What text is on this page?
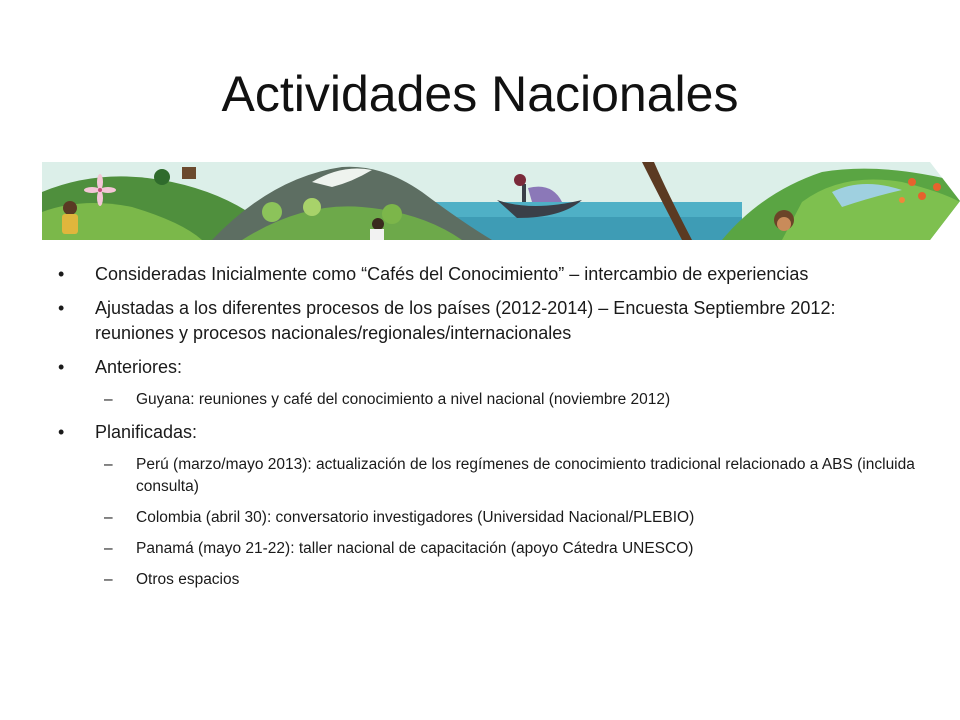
Actividades Nacionales
• Consideradas Inicialmente como “Cafés del Conocimiento” – intercambio de experiencias
• Ajustadas a los diferentes procesos de los países (2012-2014) – Encuesta Septiembre 2012: reuniones y procesos nacionales/regionales/internacionales
• Anteriores:
– Guyana: reuniones y café del conocimiento a nivel nacional (noviembre 2012)
• Planificadas:
– Perú (marzo/mayo 2013): actualización de los regímenes de conocimiento tradicional relacionado a ABS (incluida consulta)
– Colombia (abril 30): conversatorio investigadores (Universidad Nacional/PLEBIO)
– Panamá (mayo 21-22): taller nacional de capacitación (apoyo Cátedra UNESCO)
– Otros espacios
